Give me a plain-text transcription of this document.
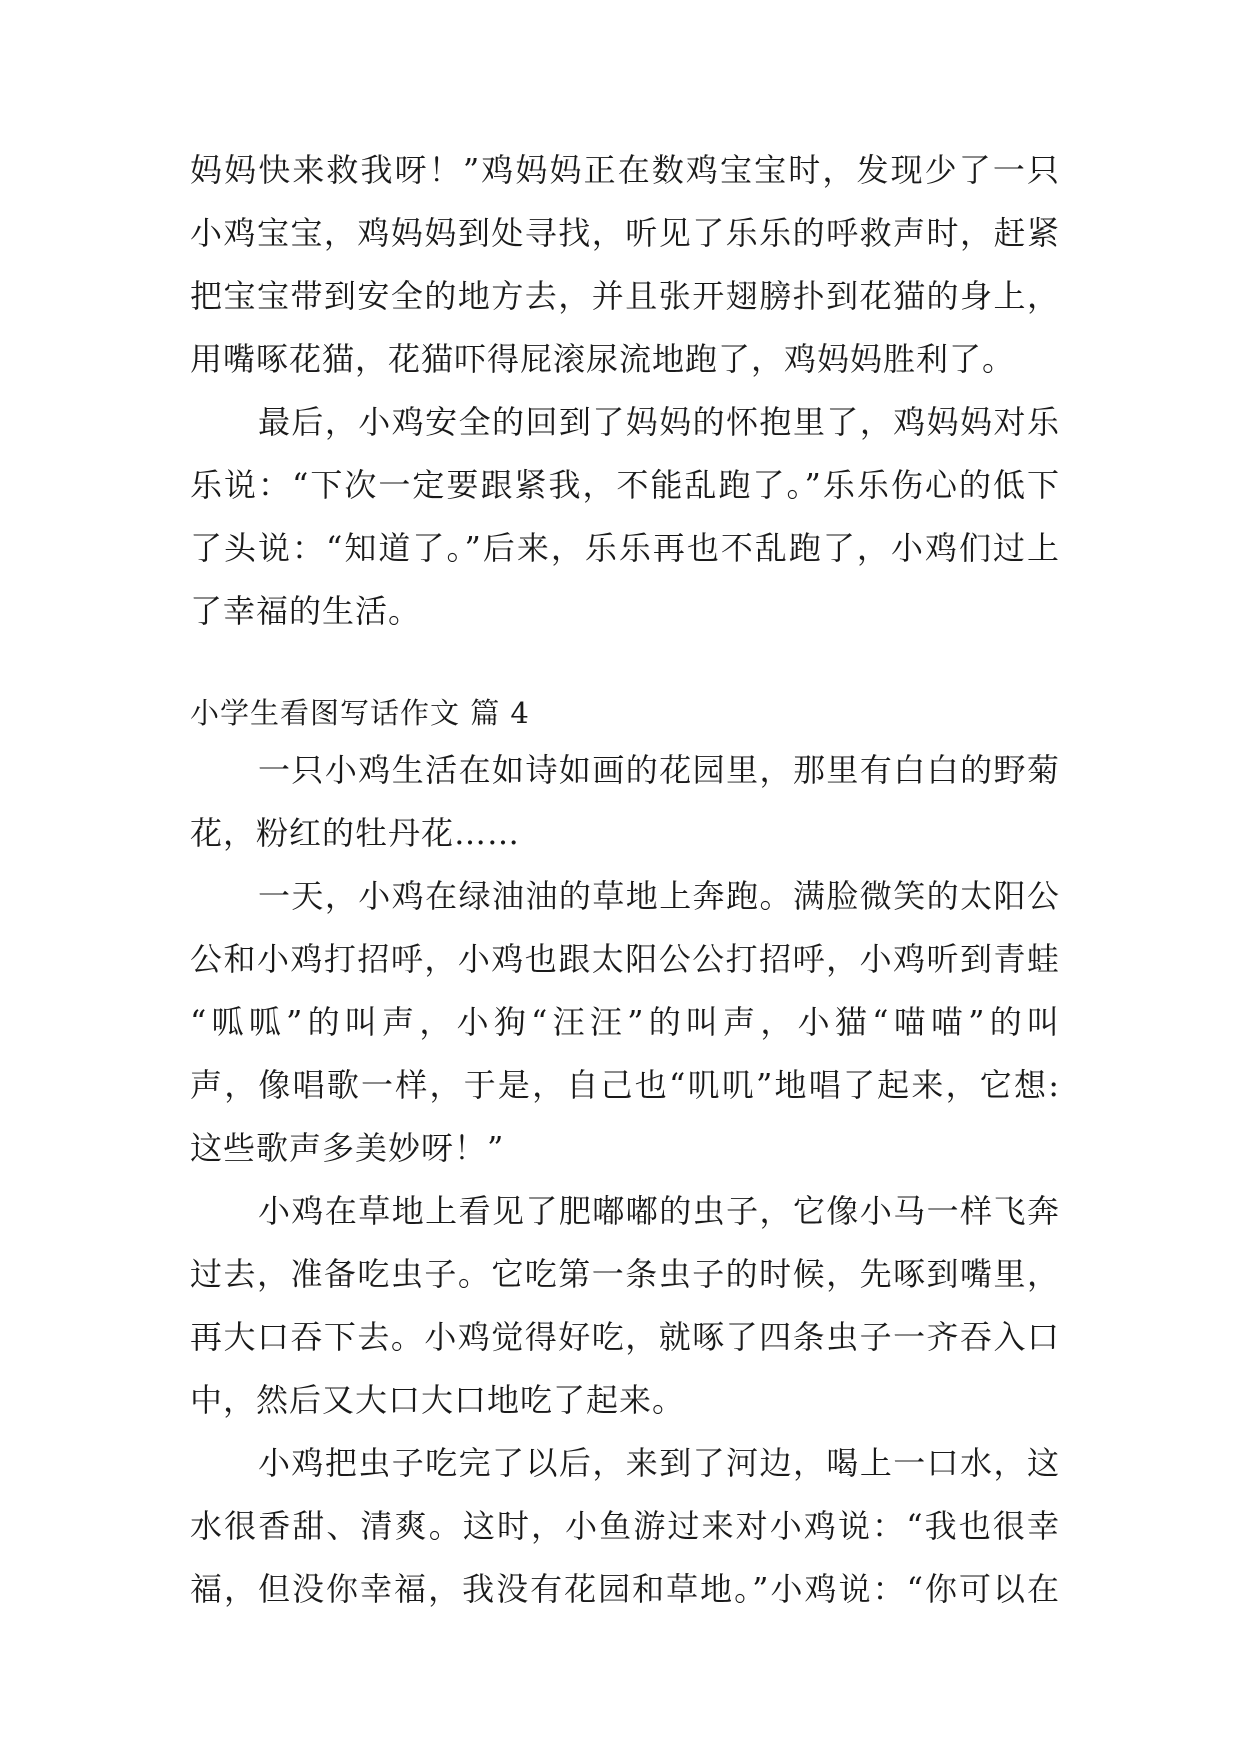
妈妈快来救我呀！”鸡妈妈正在数鸡宝宝时，发现少了一只
小鸡宝宝，鸡妈妈到处寻找，听见了乐乐的呼救声时，赶紧
把宝宝带到安全的地方去，并且张开翅膀扑到花猫的身上，
用嘴啄花猫，花猫吓得屁滚尿流地跑了，鸡妈妈胜利了。
最后，小鸡安全的回到了妈妈的怀抱里了，鸡妈妈对乐
乐说：“下次一定要跟紧我，不能乱跑了。”乐乐伤心的低下
了头说：“知道了。”后来，乐乐再也不乱跑了，小鸡们过上
了幸福的生活。
小学生看图写话作文 篇 4
一只小鸡生活在如诗如画的花园里，那里有白白的野菊
花，粉红的牡丹花……
一天，小鸡在绿油油的草地上奔跑。满脸微笑的太阳公
公和小鸡打招呼，小鸡也跟太阳公公打招呼，小鸡听到青蛙
“呱呱”的叫声，小狗“汪汪”的叫声，小猫“喵喵”的叫
声，像唱歌一样，于是，自己也“叽叽”地唱了起来，它想:
这些歌声多美妙呀！”
小鸡在草地上看见了肥嘟嘟的虫子，它像小马一样飞奔
过去，准备吃虫子。它吃第一条虫子的时候，先啄到嘴里，
再大口吞下去。小鸡觉得好吃，就啄了四条虫子一齐吞入口
中，然后又大口大口地吃了起来。
小鸡把虫子吃完了以后，来到了河边，喝上一口水，这
水很香甜、清爽。这时，小鱼游过来对小鸡说：“我也很幸
福，但没你幸福，我没有花园和草地。”小鸡说：“你可以在
